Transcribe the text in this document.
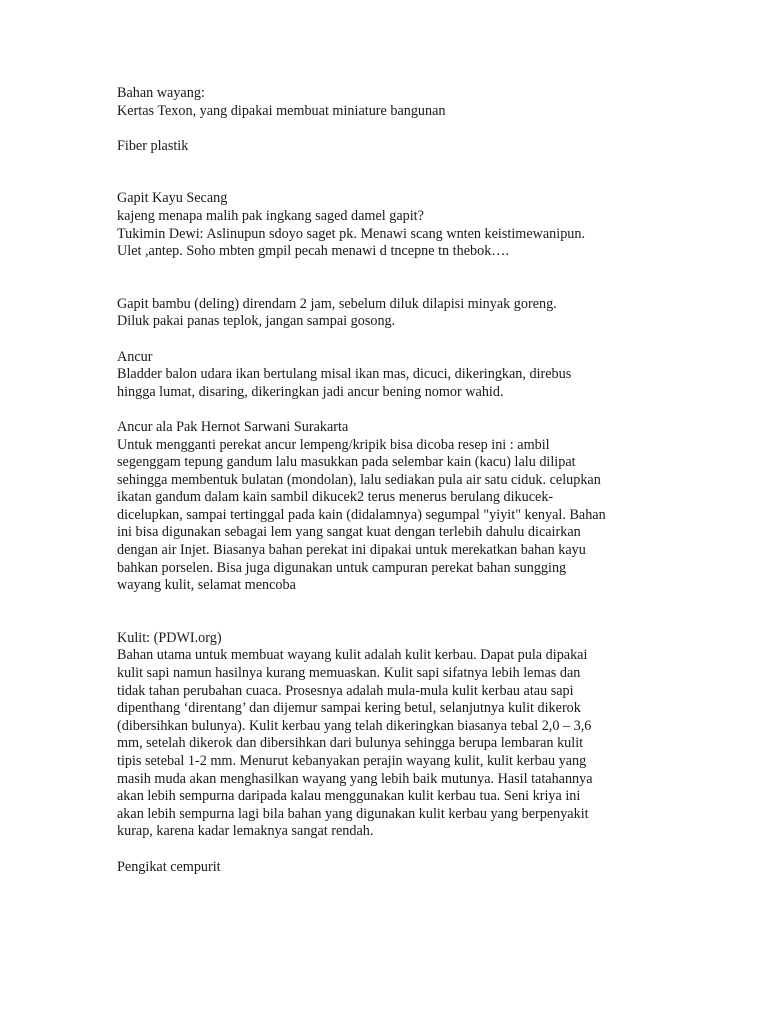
Bahan wayang:
Kertas Texon, yang dipakai membuat miniature bangunan
Fiber plastik
Gapit Kayu Secang
kajeng menapa malih pak ingkang saged damel gapit?
Tukimin Dewi: Aslinupun sdoyo saget pk. Menawi scang wnten keistimewanipun.
Ulet ,antep. Soho mbten gmpil pecah menawi d tncepne tn thebok….
Gapit bambu (deling) direndam 2 jam, sebelum diluk dilapisi minyak goreng.
Diluk pakai panas teplok, jangan sampai gosong.
Ancur
Bladder balon udara ikan bertulang misal ikan mas, dicuci, dikeringkan, direbus
hingga lumat, disaring, dikeringkan jadi ancur bening nomor wahid.
Ancur ala Pak Hernot Sarwani Surakarta
Untuk mengganti perekat ancur lempeng/kripik bisa dicoba resep ini : ambil
segenggam tepung gandum lalu masukkan pada selembar kain (kacu) lalu dilipat
sehingga membentuk bulatan (mondolan), lalu sediakan pula air satu ciduk. celupkan
ikatan gandum dalam kain sambil dikucek2 terus menerus berulang dikucek-
dicelupkan, sampai tertinggal pada kain (didalamnya) segumpal "yiyit" kenyal. Bahan
ini bisa digunakan sebagai lem yang sangat kuat dengan terlebih dahulu dicairkan
dengan air Injet. Biasanya bahan perekat ini dipakai untuk merekatkan bahan kayu
bahkan porselen. Bisa juga digunakan untuk campuran perekat bahan sungging
wayang kulit, selamat mencoba
Kulit: (PDWI.org)
Bahan utama untuk membuat wayang kulit adalah kulit kerbau. Dapat pula dipakai
kulit sapi namun hasilnya kurang memuaskan. Kulit sapi sifatnya lebih lemas dan
tidak tahan perubahan cuaca. Prosesnya adalah mula-mula kulit kerbau atau sapi
dipenthang ‘direntang’ dan dijemur sampai kering betul, selanjutnya kulit dikerok
(dibersihkan bulunya). Kulit kerbau yang telah dikeringkan biasanya tebal 2,0 – 3,6
mm, setelah dikerok dan dibersihkan dari bulunya sehingga berupa lembaran kulit
tipis setebal 1-2 mm. Menurut kebanyakan perajin wayang kulit, kulit kerbau yang
masih muda akan menghasilkan wayang yang lebih baik mutunya. Hasil tatahannya
akan lebih sempurna daripada kalau menggunakan kulit kerbau tua. Seni kriya ini
akan lebih sempurna lagi bila bahan yang digunakan kulit kerbau yang berpenyakit
kurap, karena kadar lemaknya sangat rendah.
Pengikat cempurit
